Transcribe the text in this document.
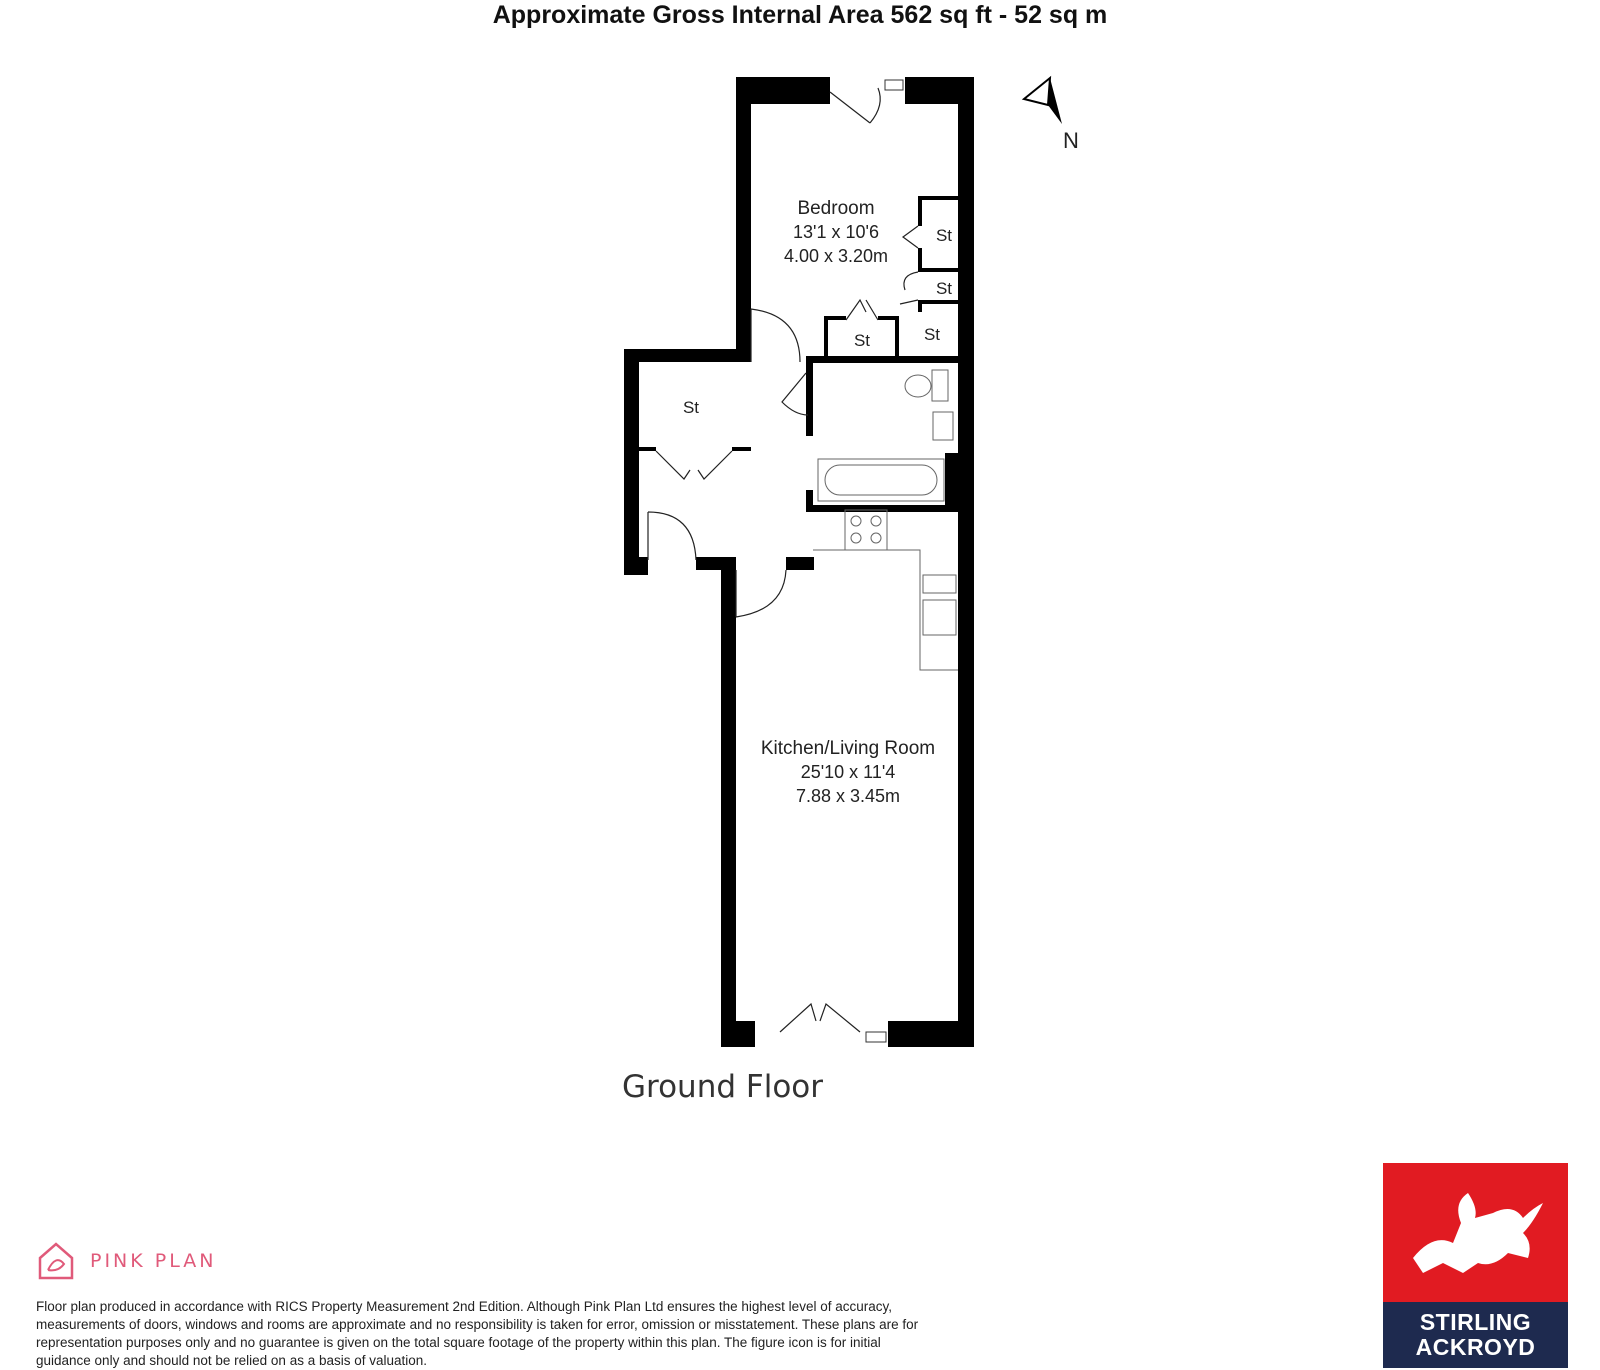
Approximate Gross Internal Area 562 sq ft - 52 sq m
N
Bedroom
13'1 x 10'6
4.00 x 3.20m
Kitchen/Living Room
25'10 x 11'4
7.88 x 3.45m
St
St
St
St
St
Ground Floor
PINK PLAN
Floor plan produced in accordance with RICS Property Measurement 2nd Edition. Although Pink Plan Ltd ensures the highest level of accuracy, measurements of doors, windows and rooms are approximate and no responsibility is taken for error, omission or misstatement. These plans are for representation purposes only and no guarantee is given on the total square footage of the property within this plan. The figure icon is for initial guidance only and should not be relied on as a basis of valuation.
STIRLING
ACKROYD
